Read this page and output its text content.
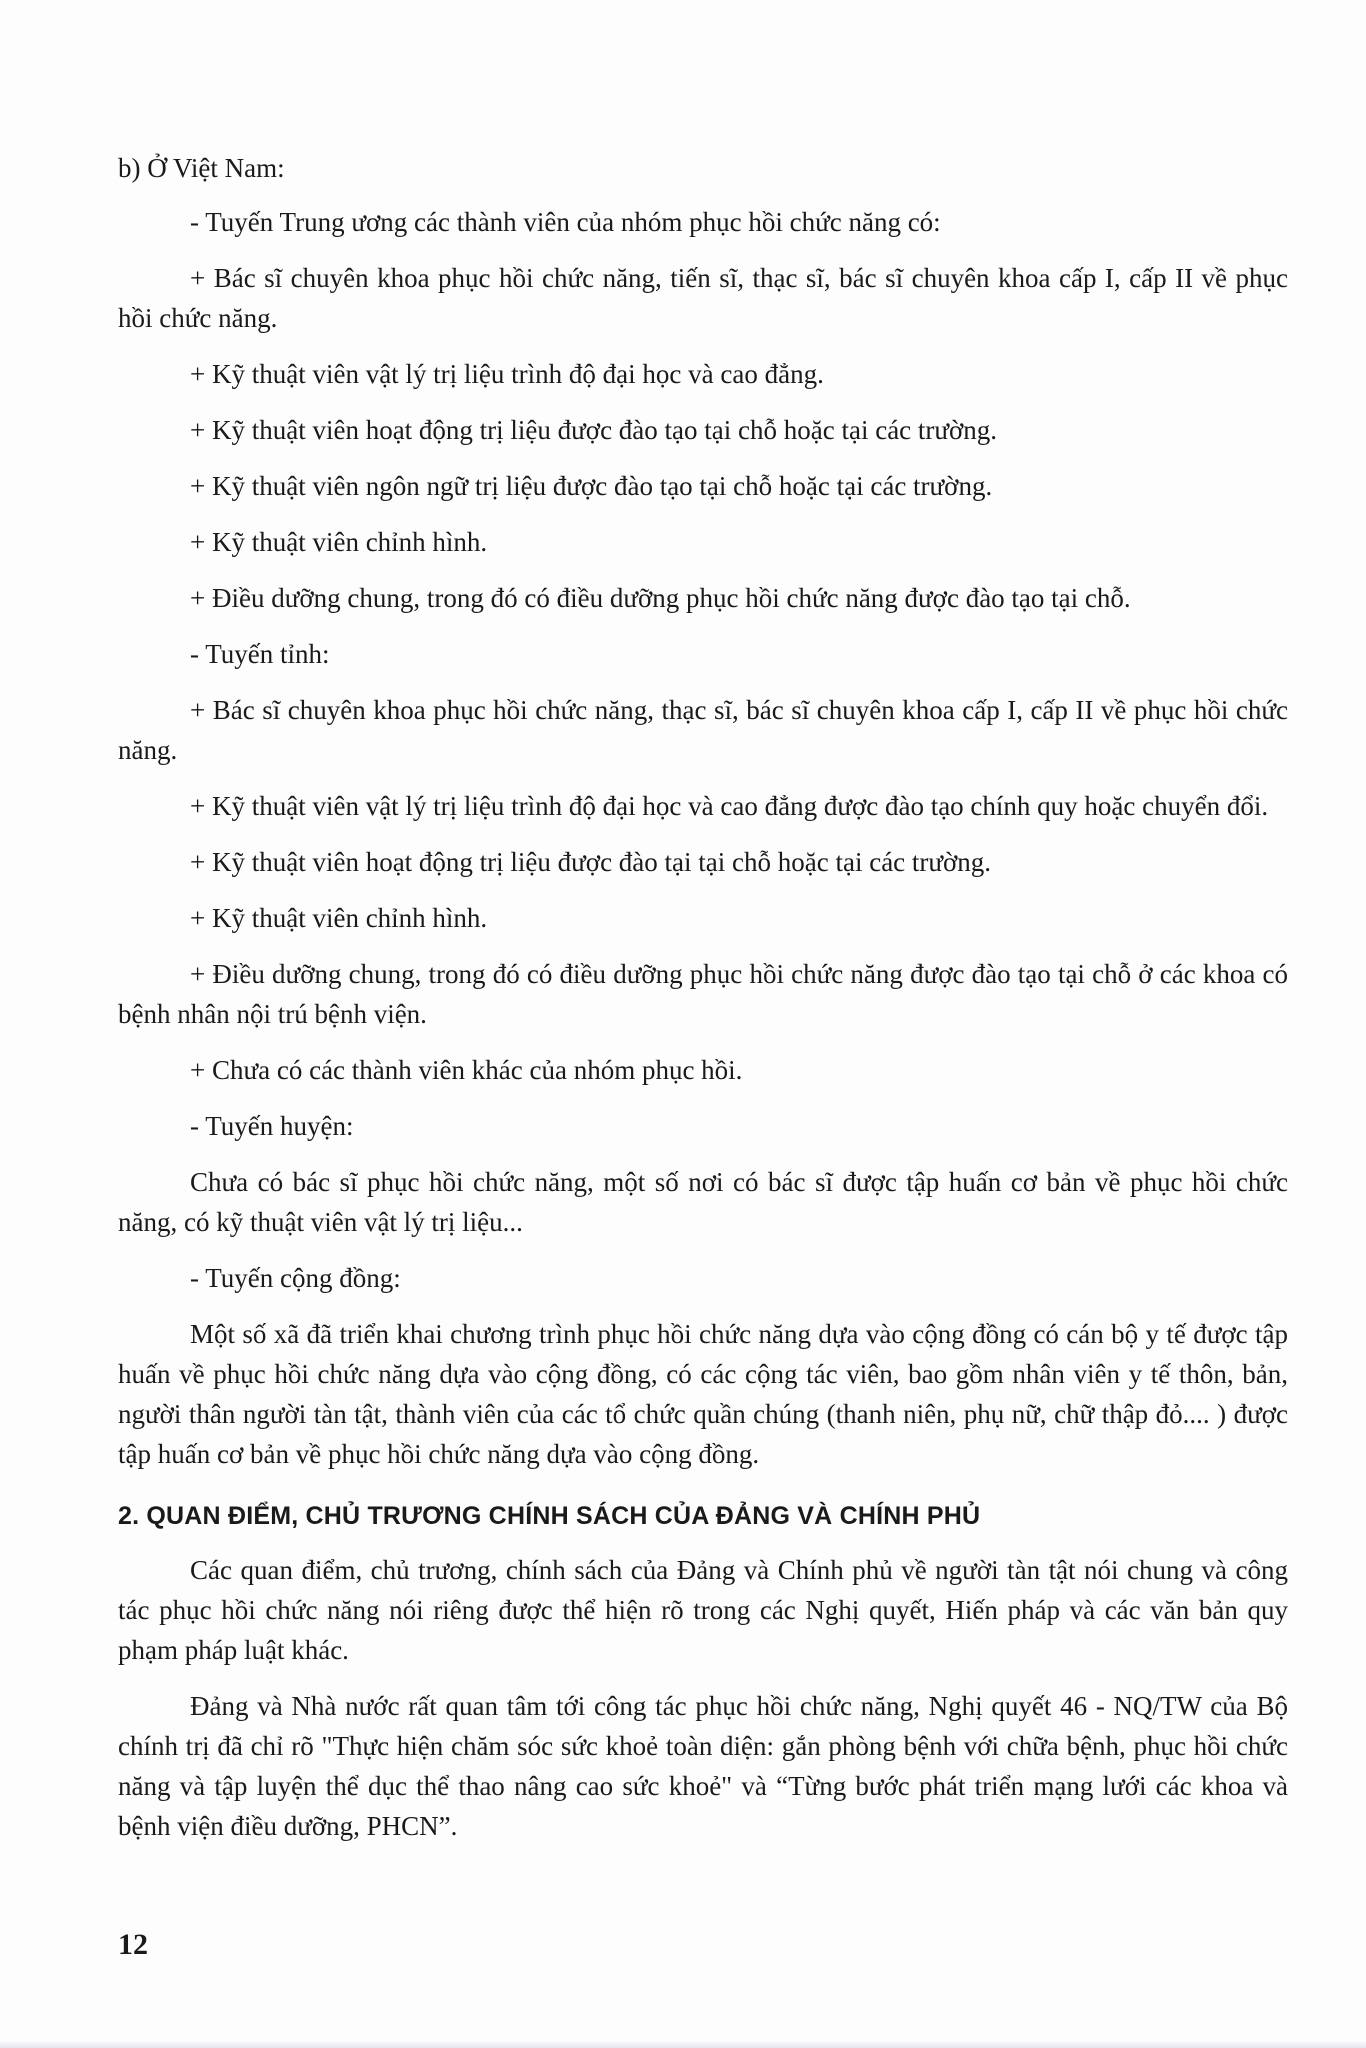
b) Ở Việt Nam:

- Tuyến Trung ương các thành viên của nhóm phục hồi chức năng có:

+ Bác sĩ chuyên khoa phục hồi chức năng, tiến sĩ, thạc sĩ, bác sĩ chuyên khoa cấp I, cấp II về phục hồi chức năng.

+ Kỹ thuật viên vật lý trị liệu trình độ đại học và cao đẳng.

+ Kỹ thuật viên hoạt động trị liệu được đào tạo tại chỗ hoặc tại các trường.

+ Kỹ thuật viên ngôn ngữ trị liệu được đào tạo tại chỗ hoặc tại các trường.

+ Kỹ thuật viên chỉnh hình.

+ Điều dưỡng chung, trong đó có điều dưỡng phục hồi chức năng được đào tạo tại chỗ.

- Tuyến tỉnh:

+ Bác sĩ chuyên khoa phục hồi chức năng, thạc sĩ, bác sĩ chuyên khoa cấp I, cấp II về phục hồi chức năng.

+ Kỹ thuật viên vật lý trị liệu trình độ đại học và cao đẳng được đào tạo chính quy hoặc chuyển đổi.

+ Kỹ thuật viên hoạt động trị liệu được đào tại tại chỗ hoặc tại các trường.

+ Kỹ thuật viên chỉnh hình.

+ Điều dưỡng chung, trong đó có điều dưỡng phục hồi chức năng được đào tạo tại chỗ ở các khoa có bệnh nhân nội trú bệnh viện.

+ Chưa có các thành viên khác của nhóm phục hồi.

- Tuyến huyện:

Chưa có bác sĩ phục hồi chức năng, một số nơi có bác sĩ được tập huấn cơ bản về phục hồi chức năng, có kỹ thuật viên vật lý trị liệu...

- Tuyến cộng đồng:

Một số xã đã triển khai chương trình phục hồi chức năng dựa vào cộng đồng có cán bộ y tế được tập huấn về phục hồi chức năng dựa vào cộng đồng, có các cộng tác viên, bao gồm nhân viên y tế thôn, bản, người thân người tàn tật, thành viên của các tổ chức quần chúng (thanh niên, phụ nữ, chữ thập đỏ.... ) được tập huấn cơ bản về phục hồi chức năng dựa vào cộng đồng.

2. QUAN ĐIỂM, CHỦ TRƯƠNG CHÍNH SÁCH CỦA ĐẢNG VÀ CHÍNH PHỦ

Các quan điểm, chủ trương, chính sách của Đảng và Chính phủ về người tàn tật nói chung và công tác phục hồi chức năng nói riêng được thể hiện rõ trong các Nghị quyết, Hiến pháp và các văn bản quy phạm pháp luật khác.

Đảng và Nhà nước rất quan tâm tới công tác phục hồi chức năng, Nghị quyết 46 - NQ/TW của Bộ chính trị đã chỉ rõ "Thực hiện chăm sóc sức khoẻ toàn diện: gắn phòng bệnh với chữa bệnh, phục hồi chức năng và tập luyện thể dục thể thao nâng cao sức khoẻ" và “Từng bước phát triển mạng lưới các khoa và bệnh viện điều dưỡng, PHCN”.

12
